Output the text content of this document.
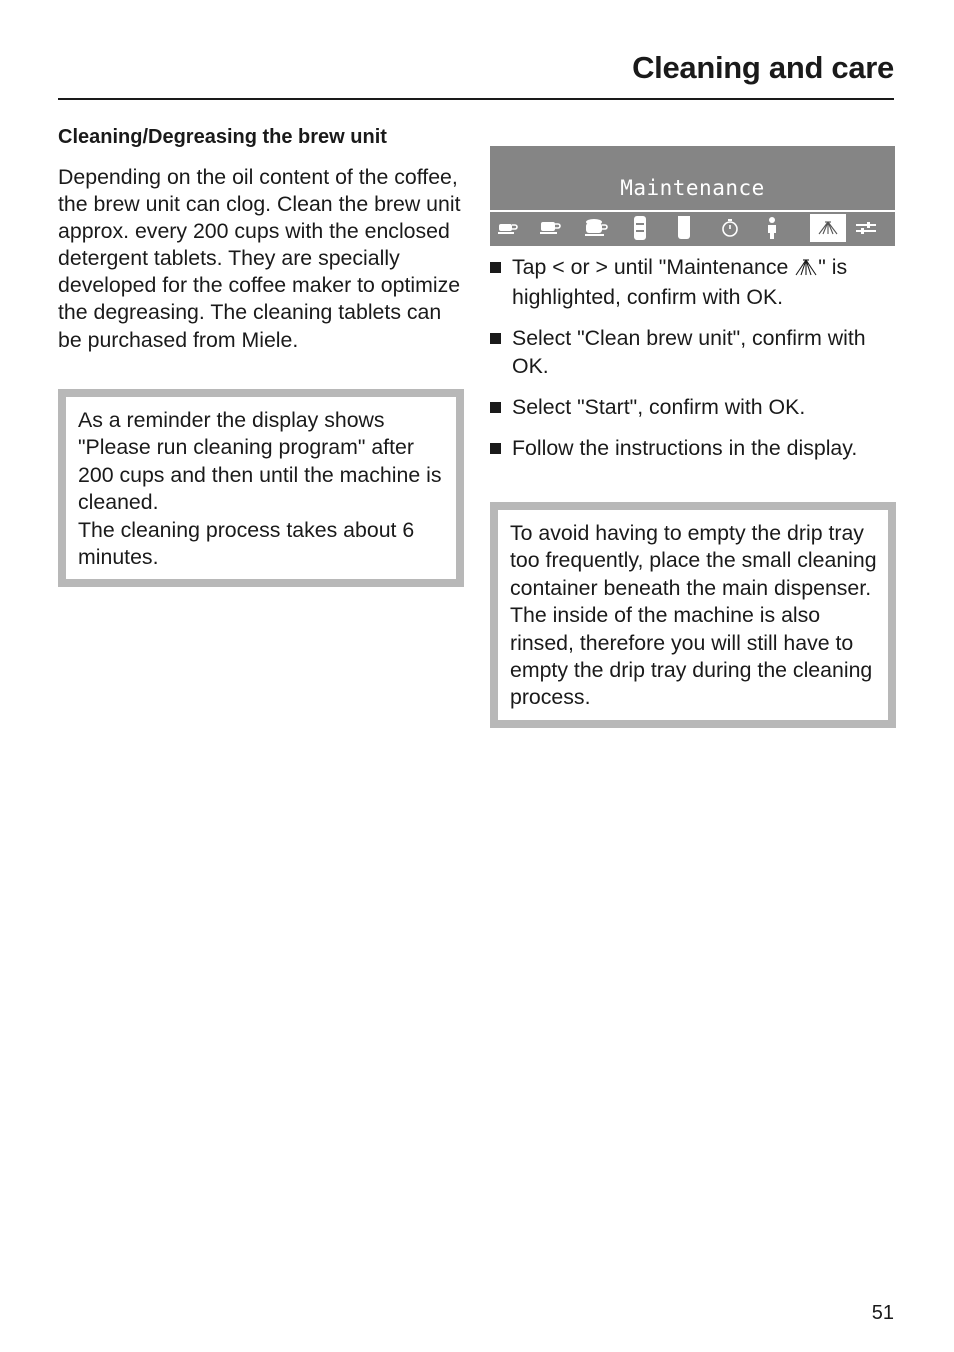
Cleaning and care
Cleaning/Degreasing the brew unit

Depending on the oil content of the coffee, the brew unit can clog. Clean the brew unit approx. every 200 cups with the enclosed detergent tablets. They are specially developed for the coffee maker to optimize the degreasing. The cleaning tablets can be purchased from Miele.

As a reminder the display shows "Please run cleaning program" after 200 cups and then until the machine is cleaned.
The cleaning process takes about 6 minutes.
Maintenance
Tap < or > until "Maintenance " is highlighted, confirm with OK.
Select "Clean brew unit", confirm with OK.
Select "Start", confirm with OK.
Follow the instructions in the display.
To avoid having to empty the drip tray too frequently, place the small cleaning container beneath the main dispenser.
The inside of the machine is also rinsed, therefore you will still have to empty the drip tray during the cleaning process.
51
